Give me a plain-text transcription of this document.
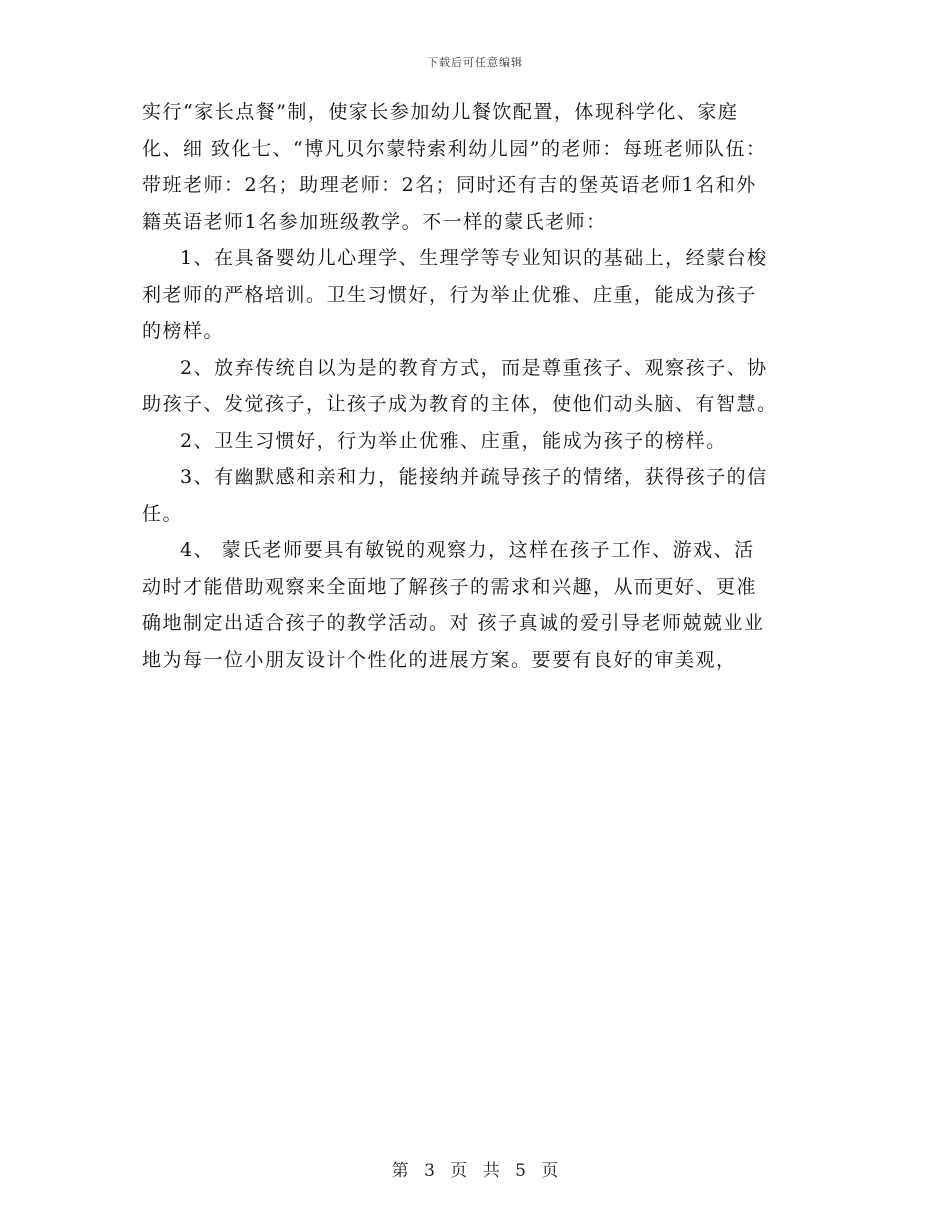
下载后可任意编辑
实行“家长点餐”制，使家长参加幼儿餐饮配置，体现科学化、家庭
化、细 致化七、“博凡贝尔蒙特索利幼儿园”的老师：每班老师队伍：
带班老师：2名；助理老师：2名；同时还有吉的堡英语老师1名和外
籍英语老师1名参加班级教学。不一样的蒙氏老师：
1、在具备婴幼儿心理学、生理学等专业知识的基础上，经蒙台梭
利老师的严格培训。卫生习惯好，行为举止优雅、庄重，能成为孩子
的榜样。
2、放弃传统自以为是的教育方式，而是尊重孩子、观察孩子、协
助孩子、发觉孩子，让孩子成为教育的主体，使他们动头脑、有智慧。
2、卫生习惯好，行为举止优雅、庄重，能成为孩子的榜样。
3、有幽默感和亲和力，能接纳并疏导孩子的情绪，获得孩子的信
任。
4、 蒙氏老师要具有敏锐的观察力，这样在孩子工作、游戏、活
动时才能借助观察来全面地了解孩子的需求和兴趣，从而更好、更准
确地制定出适合孩子的教学活动。对 孩子真诚的爱引导老师兢兢业业
地为每一位小朋友设计个性化的进展方案。要要有良好的审美观，
第 3 页 共 5 页
